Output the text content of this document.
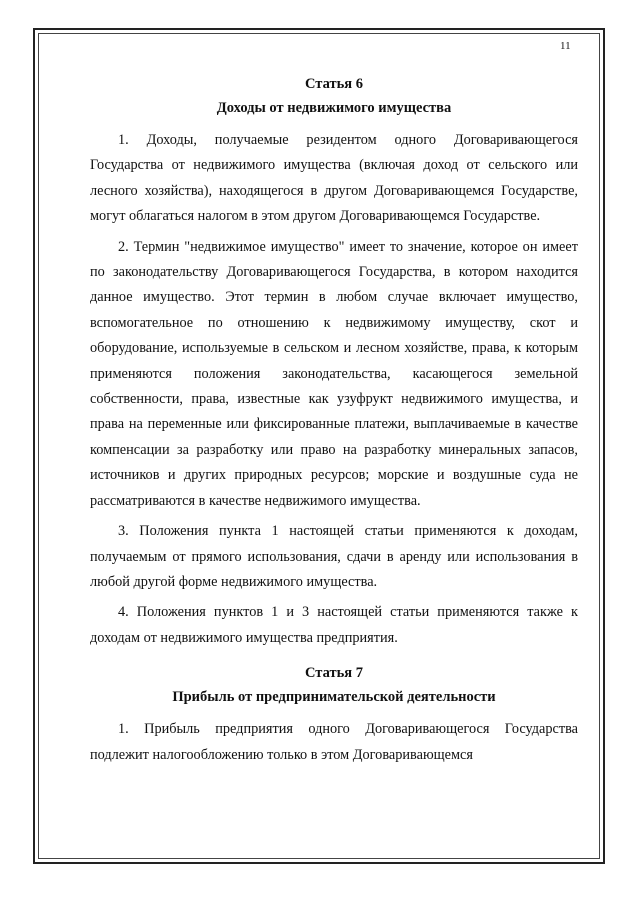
11

Статья 6

Доходы от недвижимого имущества

1. Доходы, получаемые резидентом одного Договаривающегося Государства от недвижимого имущества (включая доход от сельского или лесного хозяйства), находящегося в другом Договаривающемся Государстве, могут облагаться налогом в этом другом Договаривающемся Государстве.

2. Термин "недвижимое имущество" имеет то значение, которое он имеет по законодательству Договаривающегося Государства, в котором находится данное имущество. Этот термин в любом случае включает имущество, вспомогательное по отношению к недвижимому имуществу, скот и оборудование, используемые в сельском и лесном хозяйстве, права, к которым применяются положения законодательства, касающегося земельной собственности, права, известные как узуфрукт недвижимого имущества, и права на переменные или фиксированные платежи, выплачиваемые в качестве компенсации за разработку или право на разработку минеральных запасов, источников и других природных ресурсов; морские и воздушные суда не рассматриваются в качестве недвижимого имущества.

3. Положения пункта 1 настоящей статьи применяются к доходам, получаемым от прямого использования, сдачи в аренду или использования в любой другой форме недвижимого имущества.

4. Положения пунктов 1 и 3 настоящей статьи применяются также к доходам от недвижимого имущества предприятия.

Статья 7

Прибыль от предпринимательской деятельности

1. Прибыль предприятия одного Договаривающегося Государства подлежит налогообложению только в этом Договаривающемся
